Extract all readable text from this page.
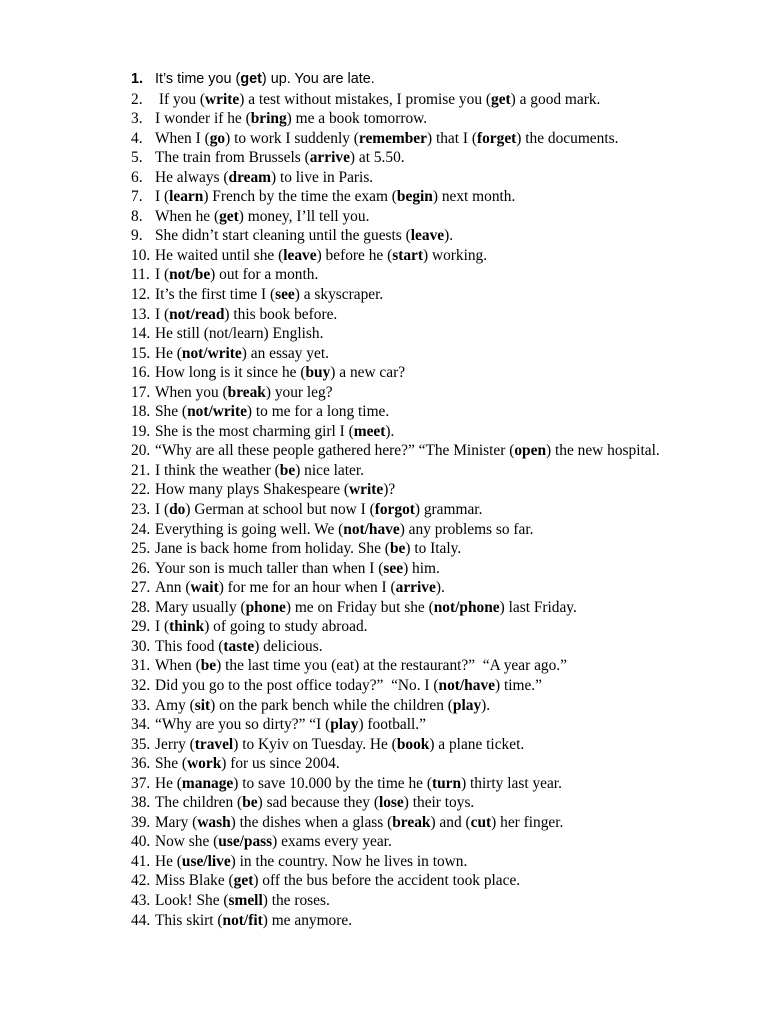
1. It’s time you (get) up. You are late.
2. If you (write) a test without mistakes, I promise you (get) a good mark.
3. I wonder if he (bring) me a book tomorrow.
4. When I (go) to work I suddenly (remember) that I (forget) the documents.
5. The train from Brussels (arrive) at 5.50.
6. He always (dream) to live in Paris.
7. I (learn) French by the time the exam (begin) next month.
8. When he (get) money, I’ll tell you.
9. She didn’t start cleaning until the guests (leave).
10. He waited until she (leave) before he (start) working.
11. I (not/be) out for a month.
12. It’s the first time I (see) a skyscraper.
13. I (not/read) this book before.
14. He still (not/learn) English.
15. He (not/write) an essay yet.
16. How long is it since he (buy) a new car?
17. When you (break) your leg?
18. She (not/write) to me for a long time.
19. She is the most charming girl I (meet).
20. “Why are all these people gathered here?” “The Minister (open) the new hospital.
21. I think the weather (be) nice later.
22. How many plays Shakespeare (write)?
23. I (do) German at school but now I (forgot) grammar.
24. Everything is going well. We (not/have) any problems so far.
25. Jane is back home from holiday. She (be) to Italy.
26. Your son is much taller than when I (see) him.
27. Ann (wait) for me for an hour when I (arrive).
28. Mary usually (phone) me on Friday but she (not/phone) last Friday.
29. I (think) of going to study abroad.
30. This food (taste) delicious.
31. When (be) the last time you (eat) at the restaurant?”  “A year ago.”
32. Did you go to the post office today?”  “No. I (not/have) time.”
33. Amy (sit) on the park bench while the children (play).
34. “Why are you so dirty?” “I (play) football.”
35. Jerry (travel) to Kyiv on Tuesday. He (book) a plane ticket.
36. She (work) for us since 2004.
37. He (manage) to save 10.000 by the time he (turn) thirty last year.
38. The children (be) sad because they (lose) their toys.
39. Mary (wash) the dishes when a glass (break) and (cut) her finger.
40. Now she (use/pass) exams every year.
41. He (use/live) in the country. Now he lives in town.
42. Miss Blake (get) off the bus before the accident took place.
43. Look! She (smell) the roses.
44. This skirt (not/fit) me anymore.
